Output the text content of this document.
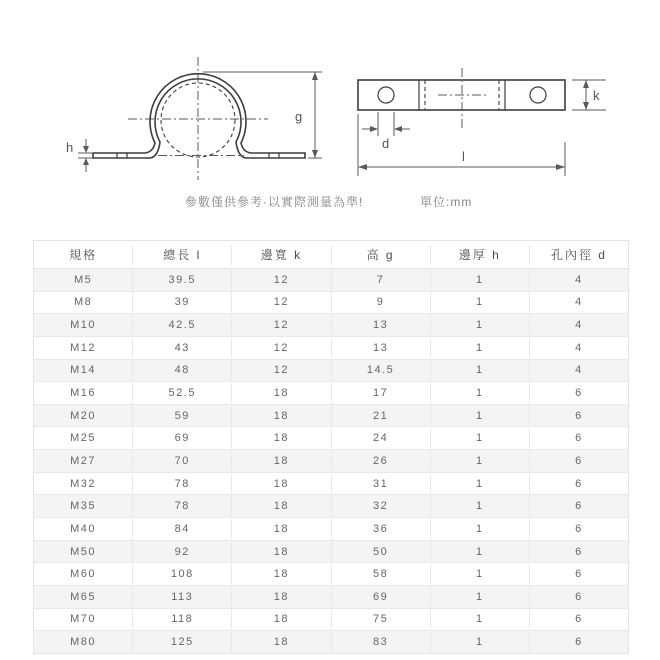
g
h
k
d
l
參數僅供參考·以實際測量為準!	單位:mm
規格	總長 l	邊寬 k	高 g	邊厚 h	孔內徑 d
M5	39.5	12	7	1	4
M8	39	12	9	1	4
M10	42.5	12	13	1	4
M12	43	12	13	1	4
M14	48	12	14.5	1	4
M16	52.5	18	17	1	6
M20	59	18	21	1	6
M25	69	18	24	1	6
M27	70	18	26	1	6
M32	78	18	31	1	6
M35	78	18	32	1	6
M40	84	18	36	1	6
M50	92	18	50	1	6
M60	108	18	58	1	6
M65	113	18	69	1	6
M70	118	18	75	1	6
M80	125	18	83	1	6
